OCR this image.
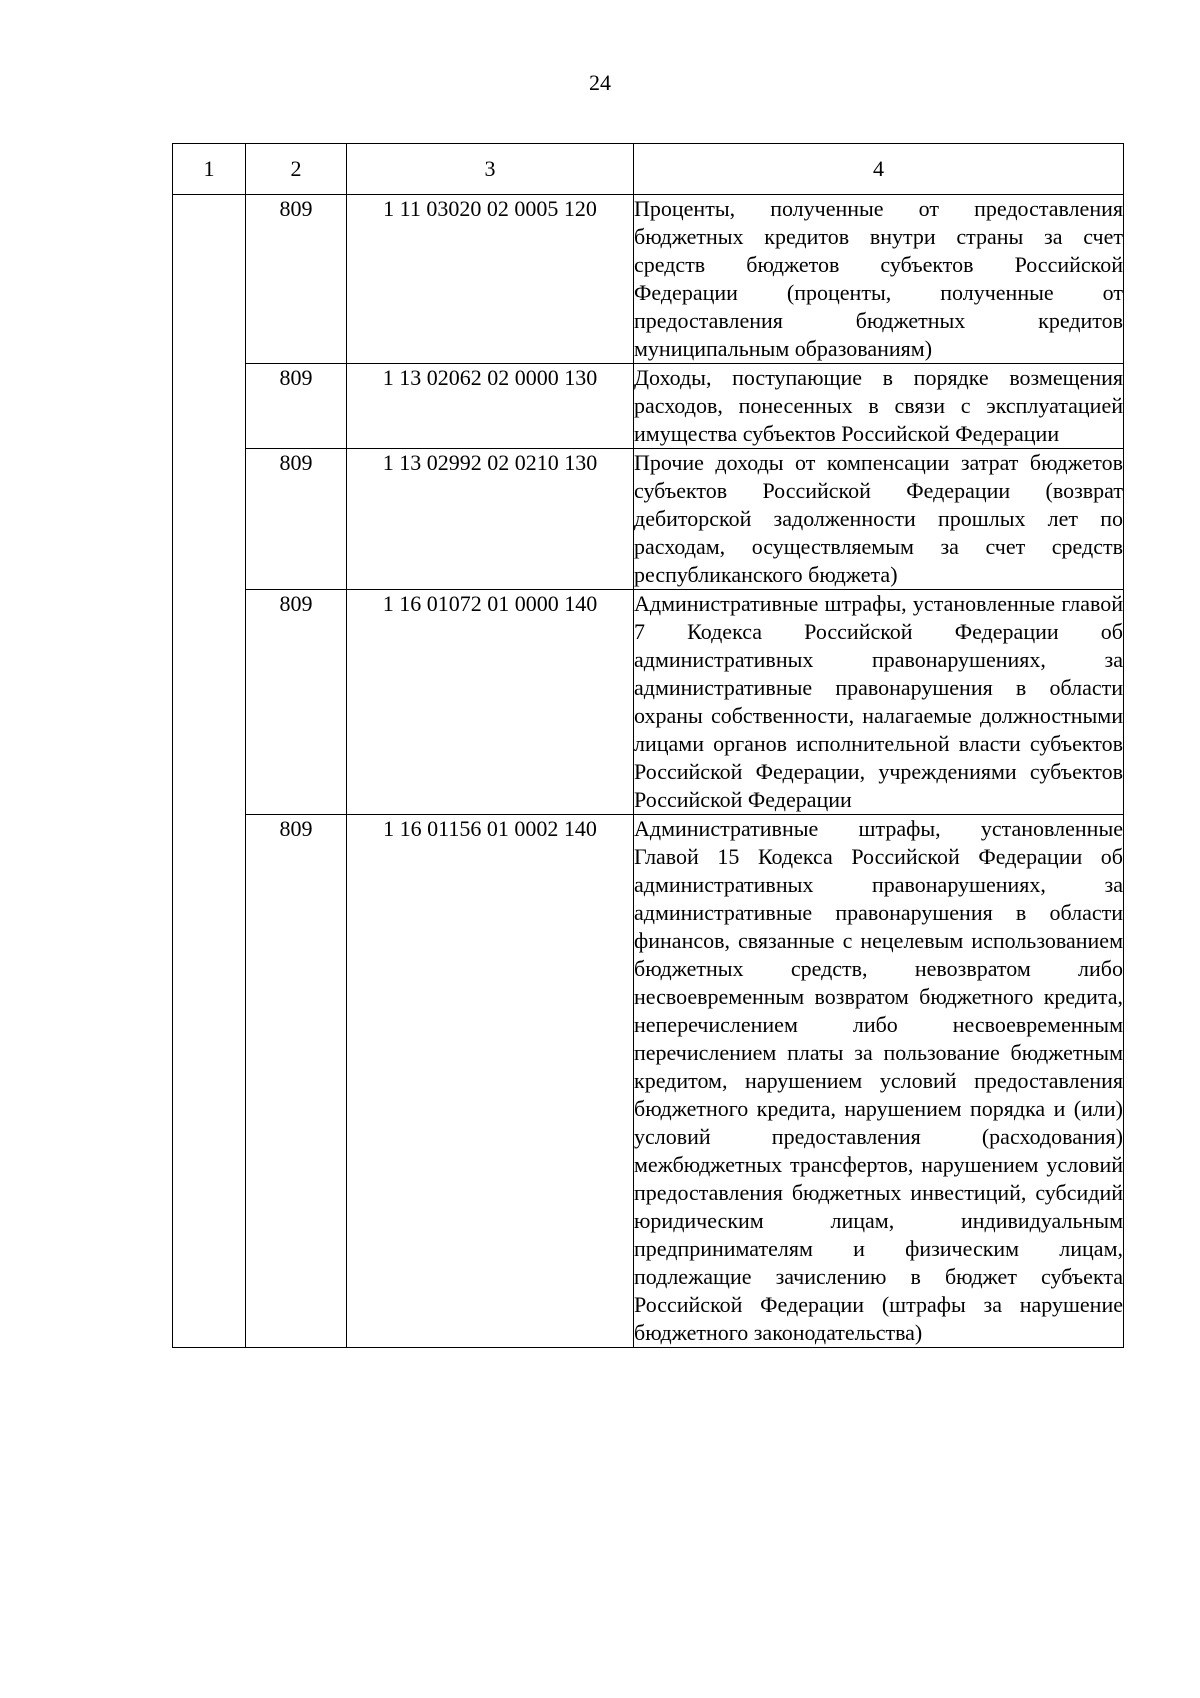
24
1	2	3	4
	809	1 11 03020 02 0005 120	Проценты, полученные от предоставления бюджетных кредитов внутри страны за счет средств бюджетов субъектов Российской Федерации (проценты, полученные от предоставления бюджетных кредитов муниципальным образованиям)
	809	1 13 02062 02 0000 130	Доходы, поступающие в порядке возмещения расходов, понесенных в связи с эксплуатацией имущества субъектов Российской Федерации
	809	1 13 02992 02 0210 130	Прочие доходы от компенсации затрат бюджетов субъектов Российской Федерации (возврат дебиторской задолженности прошлых лет по расходам, осуществляемым за счет средств республиканского бюджета)
	809	1 16 01072 01 0000 140	Административные штрафы, установленные главой 7 Кодекса Российской Федерации об административных правонарушениях, за административные правонарушения в области охраны собственности, налагаемые должностными лицами органов исполнительной власти субъектов Российской Федерации, учреждениями субъектов Российской Федерации
	809	1 16 01156 01 0002 140	Административные штрафы, установленные Главой 15 Кодекса Российской Федерации об административных правонарушениях, за административные правонарушения в области финансов, связанные с нецелевым использованием бюджетных средств, невозвратом либо несвоевременным возвратом бюджетного кредита, неперечислением либо несвоевременным перечислением платы за пользование бюджетным кредитом, нарушением условий предоставления бюджетного кредита, нарушением порядка и (или) условий предоставления (расходования) межбюджетных трансфертов, нарушением условий предоставления бюджетных инвестиций, субсидий юридическим лицам, индивидуальным предпринимателям и физическим лицам, подлежащие зачислению в бюджет субъекта Российской Федерации (штрафы за нарушение бюджетного законодательства)
